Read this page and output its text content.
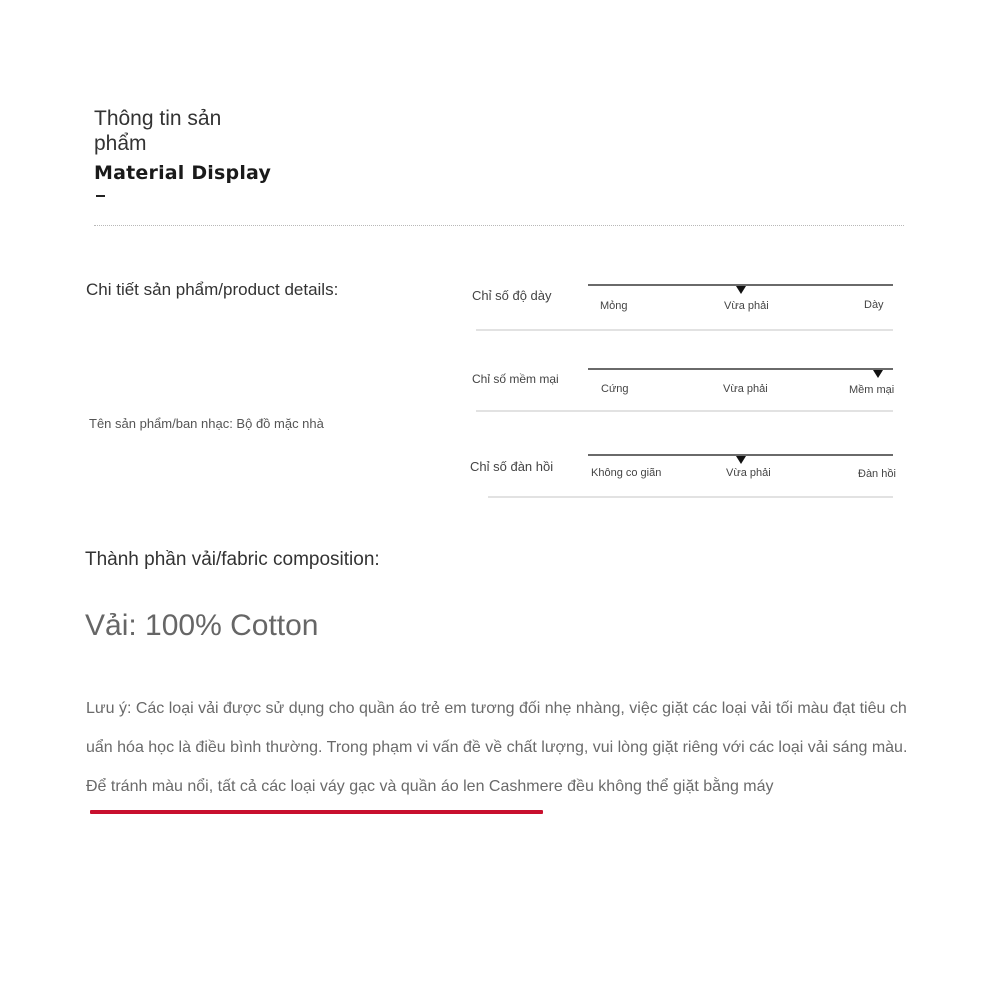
Thông tin sản phẩm
Material Display
Chi tiết sản phẩm/product details:
Tên sản phẩm/ban nhạc: Bộ đồ mặc nhà
Chỉ số độ dày
Mỏng	Vừa phải	Dày
Chỉ số mềm mại
Cứng	Vừa phải	Mềm mại
Chỉ số đàn hồi	Không co giãn	Vừa phải	Đàn hồi
Thành phần vải/fabric composition:
Vải: 100% Cotton
Lưu ý: Các loại vải được sử dụng cho quần áo trẻ em tương đối nhẹ nhàng, việc giặt các loại vải tối màu đạt tiêu chuẩn hóa học là điều bình thường. Trong phạm vi vấn đề về chất lượng, vui lòng giặt riêng với các loại vải sáng màu. Để tránh màu nổi, tất cả các loại váy gạc và quần áo len Cashmere đều không thể giặt bằng máy
